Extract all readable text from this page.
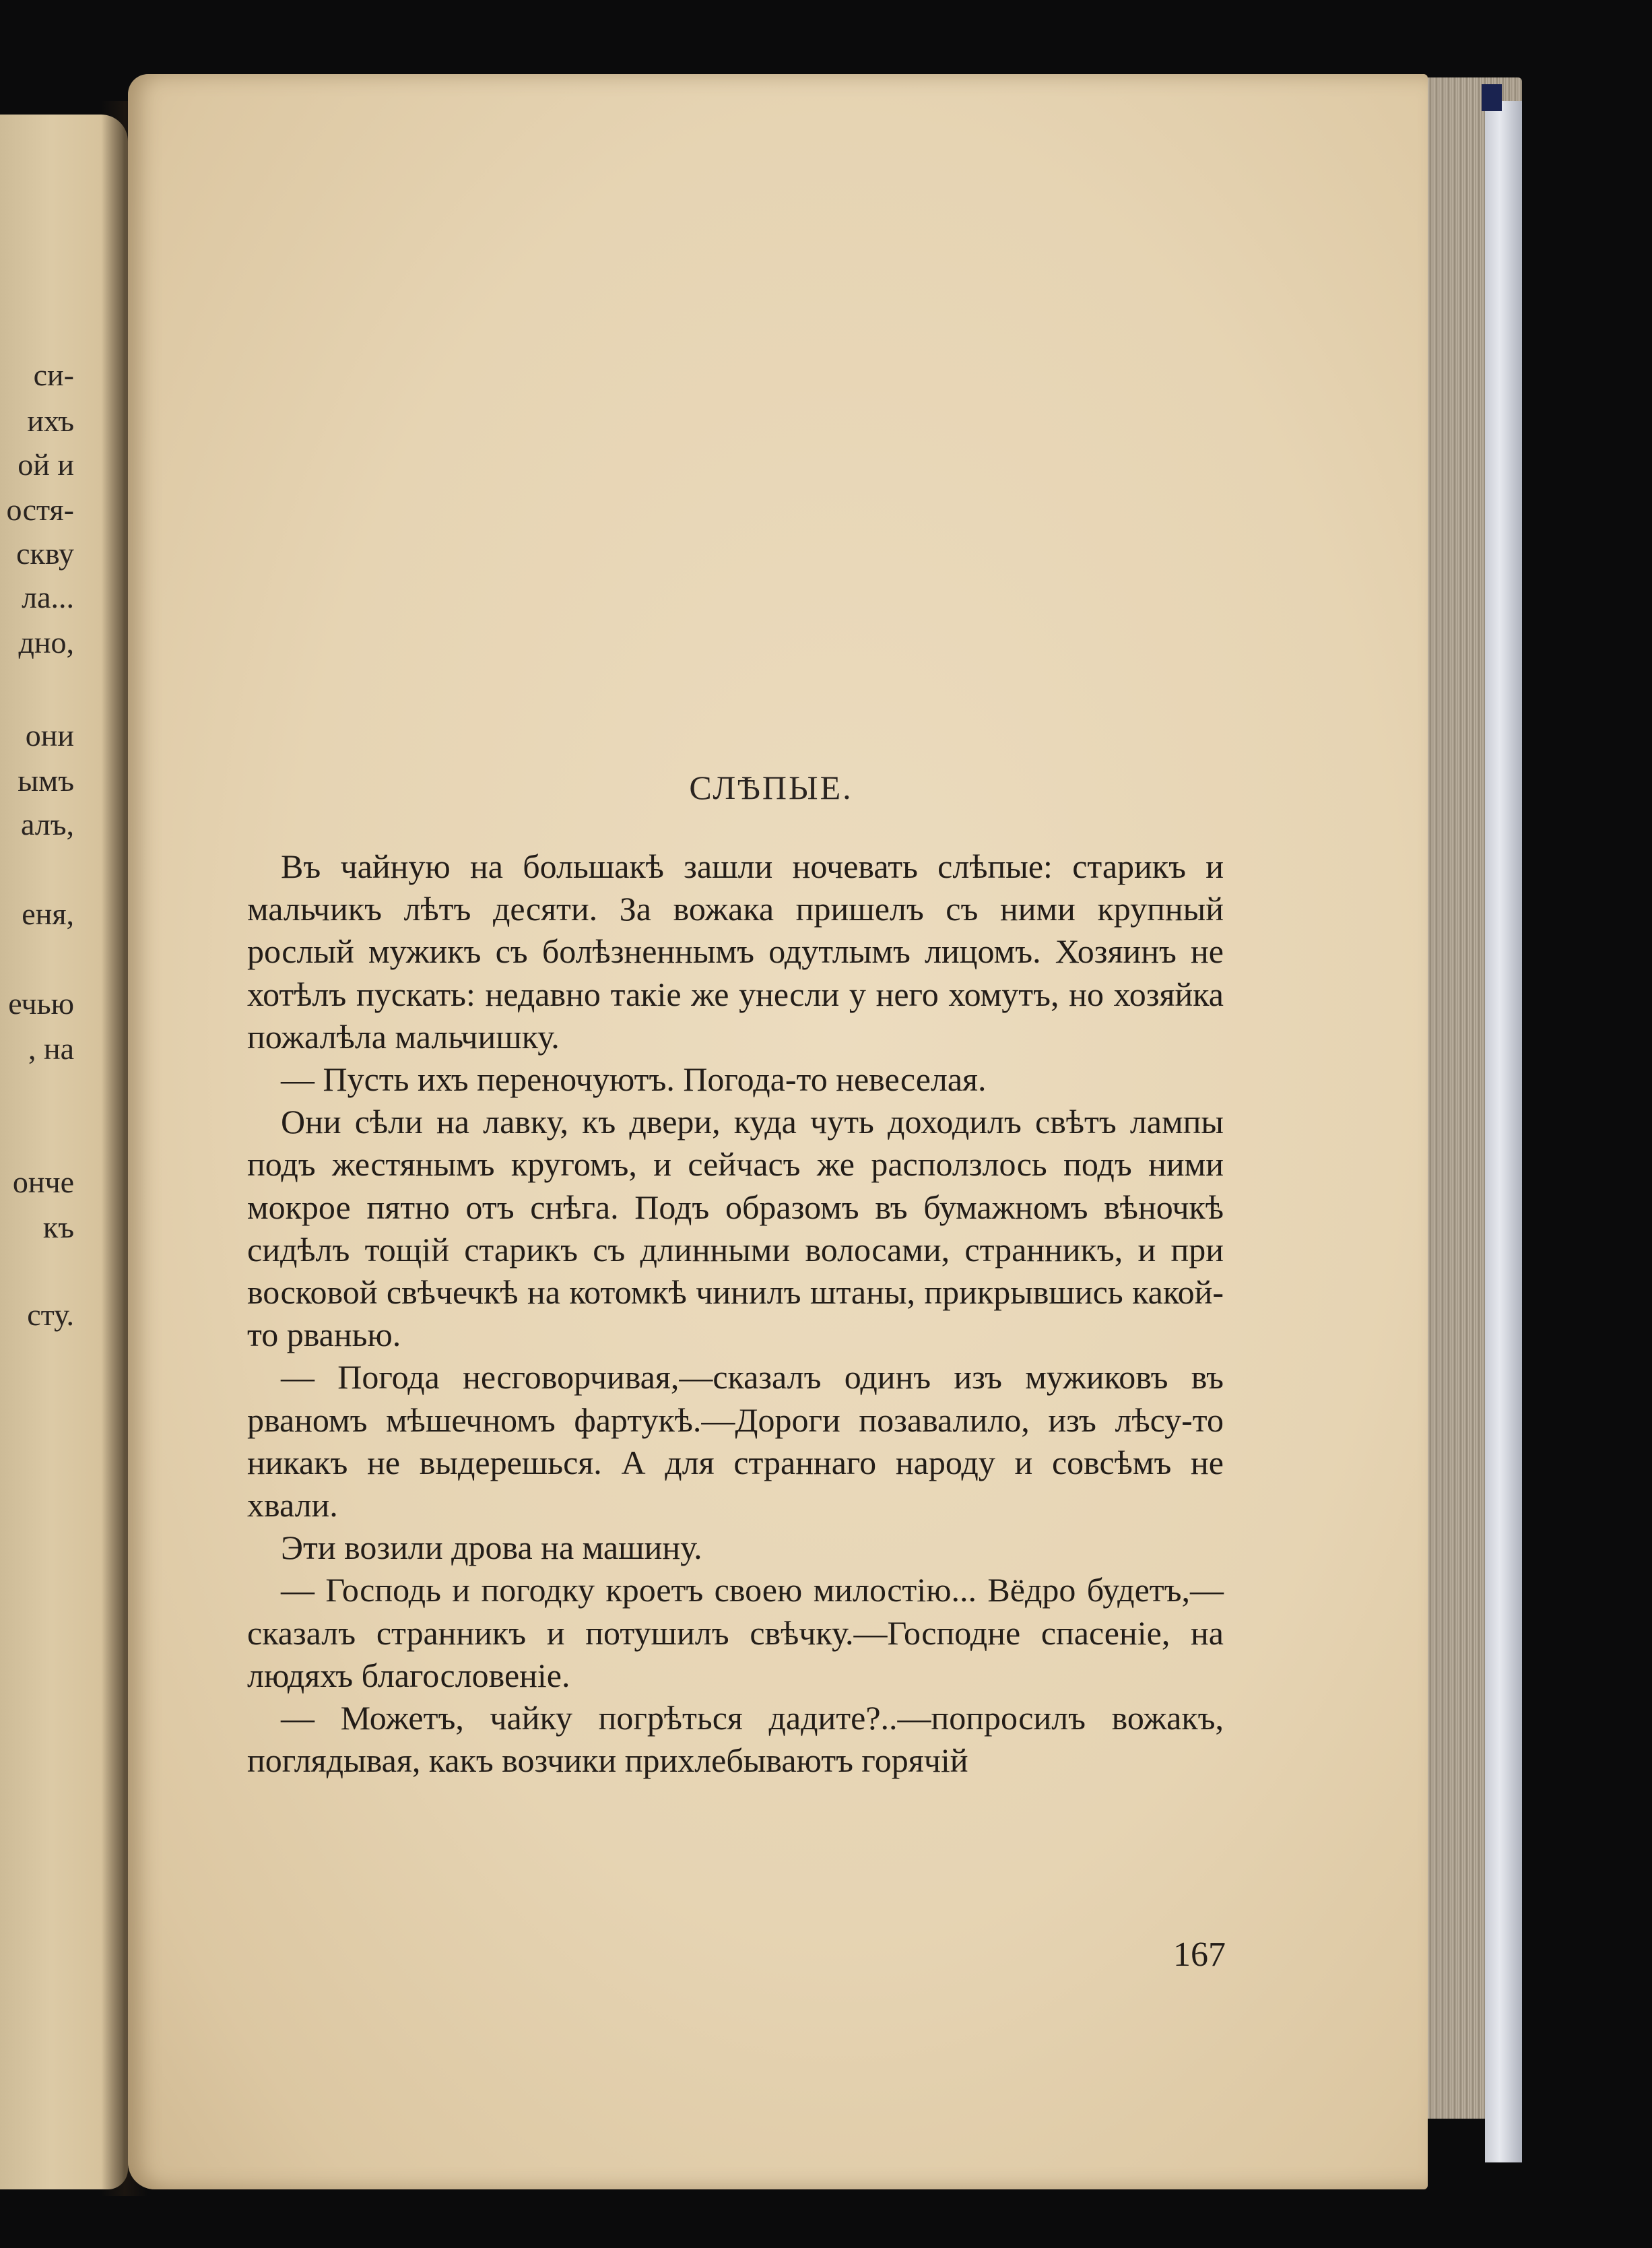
си-
ихъ
ой и
остя-
скву
ла...
дно,
они
ымъ
алъ,
еня,
ечью
, на
онче
къ
сту.
СЛѢПЫЕ.

Въ чайную на большакѣ зашли ночевать слѣпые: старикъ и мальчикъ лѣтъ десяти. За вожака пришелъ съ ними крупный рослый мужикъ съ болѣзненнымъ одутлымъ лицомъ. Хозяинъ не хотѣлъ пускать: недавно такіе же унесли у него хомутъ, но хозяйка пожалѣла мальчишку.

— Пусть ихъ переночуютъ. Погода-то невеселая.

Они сѣли на лавку, къ двери, куда чуть доходилъ свѣтъ лампы подъ жестянымъ кругомъ, и сейчасъ же расползлось подъ ними мокрое пятно отъ снѣга. Подъ образомъ въ бумажномъ вѣночкѣ сидѣлъ тощій старикъ съ длинными волосами, странникъ, и при восковой свѣчечкѣ на котомкѣ чинилъ штаны, прикрывшись какой-то рванью.

— Погода несговорчивая,—сказалъ одинъ изъ мужиковъ въ рваномъ мѣшечномъ фартукѣ.—Дороги позавалило, изъ лѣсу-то никакъ не выдерешься. А для страннаго народу и совсѣмъ не хвали.

Эти возили дрова на машину.

— Господь и погодку кроетъ своею милостію... Вёдро будетъ,—сказалъ странникъ и потушилъ свѣчку.—Господне спасеніе, на людяхъ благословеніе.

— Можетъ, чайку погрѣться дадите?..—попросилъ вожакъ, поглядывая, какъ возчики прихлебываютъ горячій

167
